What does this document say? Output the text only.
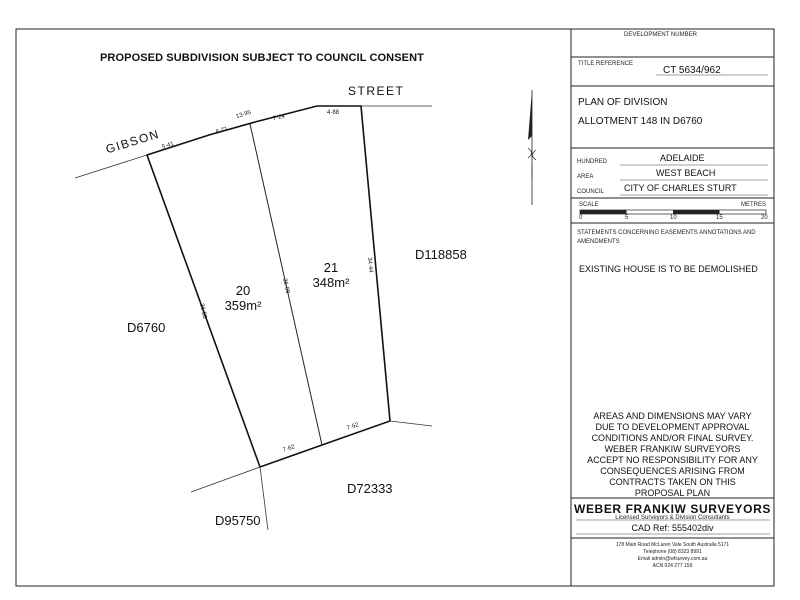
PROPOSED SUBDIVISION SUBJECT TO COUNCIL CONSENT
STREET
GIBSON
20
359m²
21
348m²
D6760
D118858
D72333
D95750
5·41
6·71
13·95	7·24
4·88
36·58
36·09
34·44
7·62
7·62
DEVELOPMENT NUMBER
TITLE REFERENCE
CT 5634/962
PLAN OF DIVISION
ALLOTMENT 148 IN D6760
HUNDRED	ADELAIDE
AREA	WEST BEACH
COUNCIL CITY OF CHARLES STURT
SCALE	METRES
0	5	10	15	20
STATEMENTS CONCERNING EASEMENTS ANNOTATIONS AND AMENDMENTS
EXISTING HOUSE IS TO BE DEMOLISHED
AREAS AND DIMENSIONS MAY VARY
DUE TO DEVELOPMENT APPROVAL
CONDITIONS AND/OR FINAL SURVEY.
WEBER FRANKIW SURVEYORS
ACCEPT NO RESPONSIBILITY FOR ANY
CONSEQUENCES ARISING FROM
CONTRACTS TAKEN ON THIS
PROPOSAL PLAN
WEBER FRANKIW SURVEYORS
Licensed Surveyors & Division Consultants
CAD Ref: 555402div
178 Main Road McLaren Vale South Australia 5171
Telephone (08) 8323 8991
Email admin@wfsurvey.com.au
ACN 024 277 159
